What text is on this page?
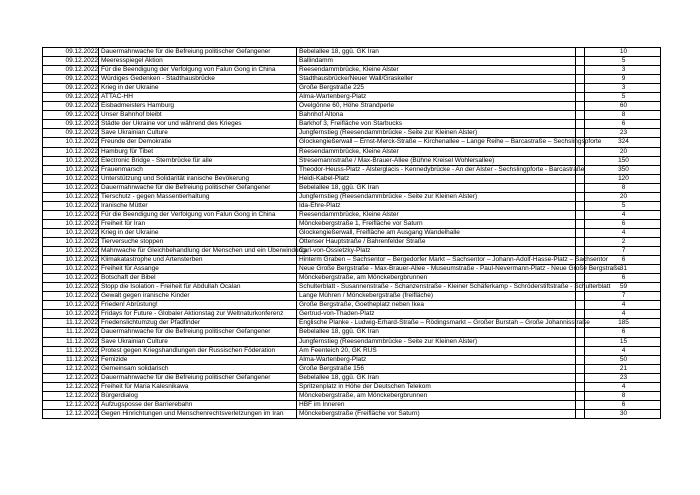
09.12.2022	Dauermahnwache für die Befreiung politischer Gefangener	Bebelallee 18, ggü. GK Iran		10
09.12.2022	Meeresspiegel Aktion	Ballindamm		5
09.12.2022	Für die Beendigung der Verfolgung von Falun Gong in China	Reesendammbrücke, Kleine Alster		3
09.12.2022	Würdiges Gedenken - Stadthausbrücke	Stadthausbrücke/Neuer Wall/Graskeller		9
09.12.2022	Krieg in der Ukraine	Große Bergstraße 225		3
09.12.2022	ATTAC-HH	Alma-Wartenberg-Platz		5
09.12.2022	Eisbadmeisters Hamburg	Övelgönne 60, Höhe Strandperle		60
09.12.2022	Unser Bahnhof bleibt	Bahnhof Altona		8
09.12.2022	Städte der Ukraine vor und während des Krieges	Barkhof 3, Freifläche von Starbucks		6
09.12.2022	Save Ukrainian Culture	Jungfernstieg (Reesendammbrücke - Seite zur Kleinen Alster)		23
10.12.2022	Freunde der Demokratie	Glockengießerwall – Ernst-Merck-Straße – Kirchenallee – Lange Reihe – Barcastraße – Sechslingspforte		324
10.12.2022	Hamburg für Tibet	Reesendammbrücke, Kleine Alster		20
10.12.2022	Electronic Bridge - Sternbrücke für alle	Stresemannstraße / Max-Brauer-Allee (Bühne Kreisel Wohlersallee)		150
10.12.2022	Frauenmarsch	Theodor-Heuss-Platz - Alsterglacis - Kennedybrücke - An der Alster - Sechslingpforte - Barcastraße		350
10.12.2022	Unterstützung und Solidarität iranische Bevökerung	Heidi-Kabel-Platz		120
10.12.2022	Dauermahnwache für die Befreiung politischer Gefangener	Bebelallee 18, ggü. GK Iran		8
10.12.2022	Tierschutz - gegen Massentierhaltung	Jungfernstieg (Reesendammbrücke - Seite zur Kleinen Alster)		20
10.12.2022	Iranische Mütter	Ida-Ehre-Platz		5
10.12.2022	Für die Beendigung der Verfolgung von Falun Gong in China	Reesendammbrücke, Kleine Alster		4
10.12.2022	Freiheit für Iran	Mönckebergstraße 1, Freifläche vor Saturn		6
10.12.2022	Krieg in der Ukraine	Glockengießerwall, Freifläche am Ausgang Wandelhalle		4
10.12.2022	Tierversuche stoppen	Ottenser Hauptstraße / Bahrenfelder Straße		2
10.12.2022	Mahnwache für Gleichbehandlung der Menschen und ein Überwindung	Carl-von-Ossietzky-Platz		7
10.12.2022	Klimakatastrophe und Artensterben	Hinterm Graben – Sachsentor – Bergedorfer Markt – Sachsentor – Johann-Adolf-Hasse-Platz – Sachsentor		6
10.12.2022	Freiheit für Assange	Neue Große Bergstraße - Max-Brauer-Allee - Museumstraße - Paul-Nevermann-Platz - Neue Große Bergstraße		31
10.12.2022	Botschaft der Bibel	Mönckebergstraße, am Mönckebergbrunnen		6
10.12.2022	Stopp die Isolation - Freiheit für Abdullah Öcalan	Schulterblatt - Susannenstraße - Schanzenstraße - Kleiner Schäferkamp - Schröderstiftstraße - Schulterblatt		59
10.12.2022	Gewalt gegen iranische Kinder	Lange Mühren / Mönckebergstraße (freifläche)		7
10.12.2022	Frieden! Abrüstung!	Große Bergstraße, Goetheplatz neben Ikea		4
10.12.2022	Fridays for Future - Globaler Aktionstag zur Weltnaturkonferenz	Gertrud-von-Thaden-Platz		4
11.12.2022	Friedenslichtumzug der Pfadfinder	Englische Planke - Ludwig-Erhard-Straße – Rödingsmarkt – Großer Burstah – Große Johannisstraße		185
11.12.2022	Dauermahnwache für die Befreiung politischer Gefangener	Bebelallee 18, ggü. GK Iran		6
11.12.2022	Save Ukrainian Culture	Jungfernstieg (Reesendammbrücke - Seite zur Kleinen Alster)		15
11.12.2022	Protest gegen Kriegshandlungen der Russischen Föderation	Am Feenteich 20, GK RUS		4
11.12.2022	Femizide	Alma-Wartenberg-Platz		50
12.12.2022	Gemeinsam solidarisch	Große Bergstraße 156		21
12.12.2022	Dauermahnwache für die Befreiung politischer Gefangener	Bebelallee 18, ggü. GK Iran		23
12.12.2022	Freiheit für Maria Kalesnikawa	Spritzenplatz in Höhe der Deutschen Telekom		4
12.12.2022	Bürgerdialog	Mönckebergstraße, am Mönckebergbrunnen		8
12.12.2022	Aufzugsposse der Barrierebahn	HBF im Inneren		6
12.12.2022	Gegen Hinrichtungen und Menschenrechtsverletzungen im Iran	Mönckebergstraße (Freifläche vor Saturn)		30
